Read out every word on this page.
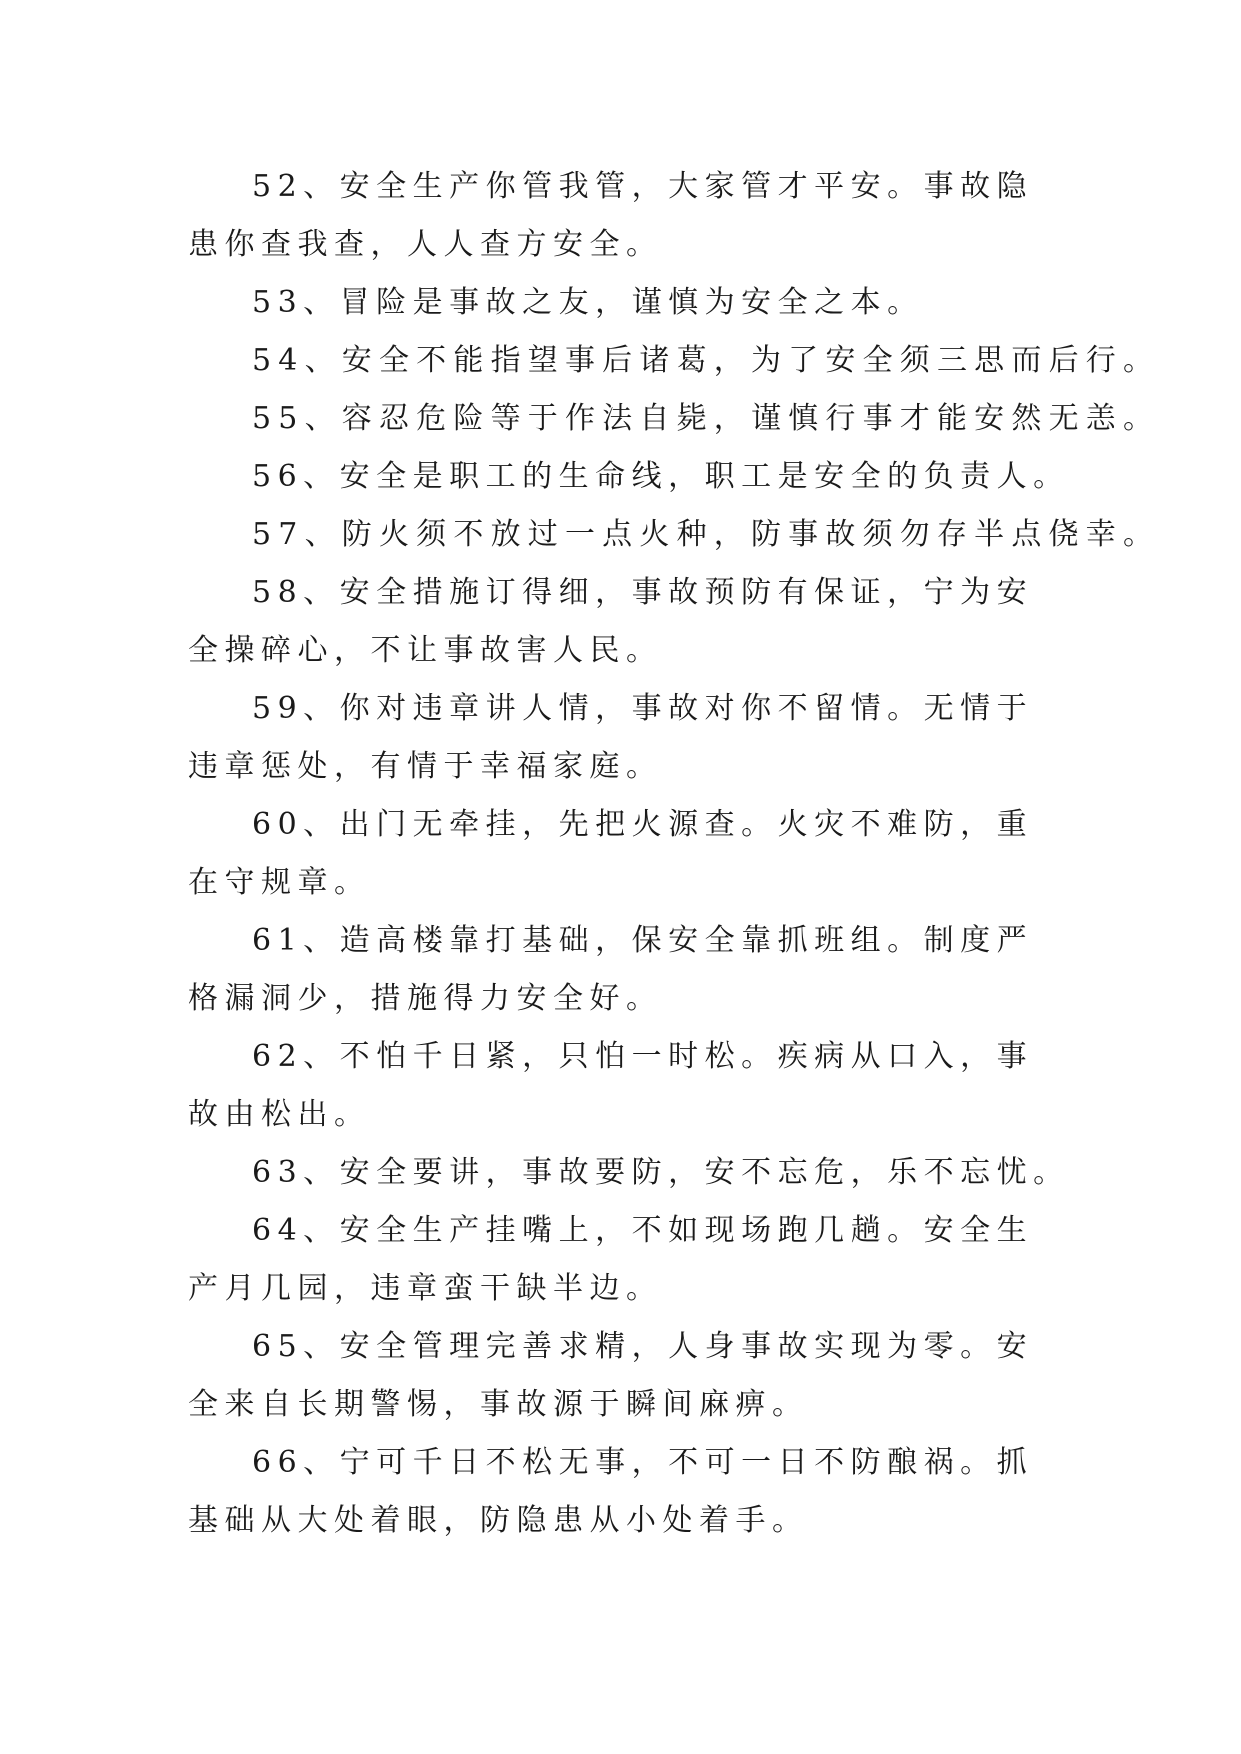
52、安全生产你管我管，大家管才平安。事故隐患你查我查，人人查方安全。

53、冒险是事故之友，谨慎为安全之本。

54、安全不能指望事后诸葛，为了安全须三思而后行。

55、容忍危险等于作法自毙，谨慎行事才能安然无恙。

56、安全是职工的生命线，职工是安全的负责人。

57、防火须不放过一点火种，防事故须勿存半点侥幸。

58、安全措施订得细，事故预防有保证，宁为安全操碎心，不让事故害人民。

59、你对违章讲人情，事故对你不留情。无情于违章惩处，有情于幸福家庭。

60、出门无牵挂，先把火源查。火灾不难防，重在守规章。

61、造高楼靠打基础，保安全靠抓班组。制度严格漏洞少，措施得力安全好。

62、不怕千日紧，只怕一时松。疾病从口入，事故由松出。

63、安全要讲，事故要防，安不忘危，乐不忘忧。

64、安全生产挂嘴上，不如现场跑几趟。安全生产月几园，违章蛮干缺半边。

65、安全管理完善求精，人身事故实现为零。安全来自长期警惕，事故源于瞬间麻痹。

66、宁可千日不松无事，不可一日不防酿祸。抓基础从大处着眼，防隐患从小处着手。
